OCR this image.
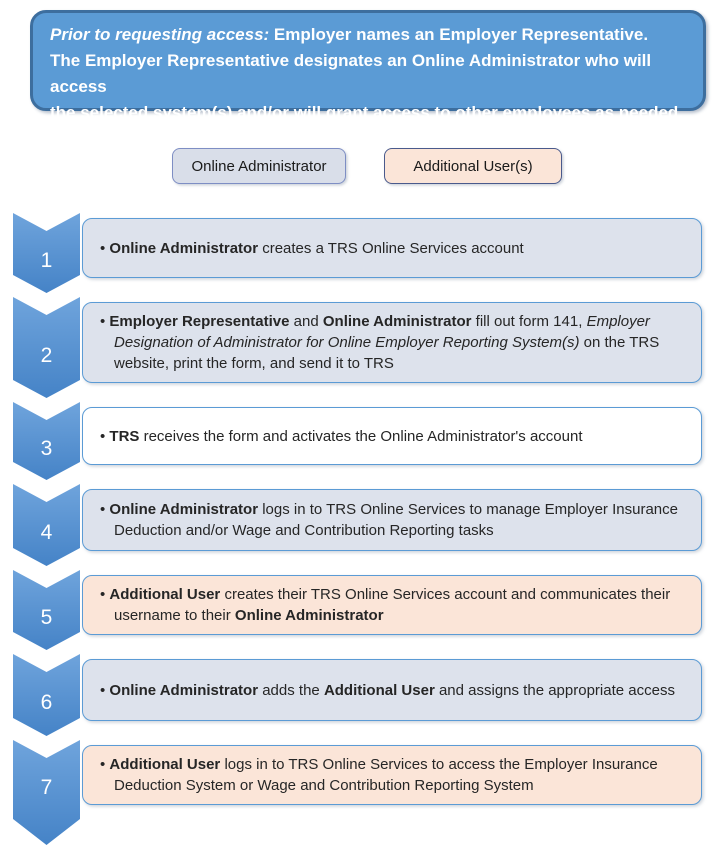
Prior to requesting access: Employer names an Employer Representative.
The Employer Representative designates an Online Administrator who will access
the selected system(s) and/or will grant access to other employees as needed.
Online Administrator	Additional User(s)

• Online Administrator creates a TRS Online Services account

1

• Employer Representative and Online Administrator fill out form 141, Employer Designation of Administrator for Online Employer Reporting System(s) on the TRS website, print the form, and send it to TRS

2

• TRS receives the form and activates the Online Administrator's account

3

• Online Administrator logs in to TRS Online Services to manage Employer Insurance Deduction and/or Wage and Contribution Reporting tasks

4

• Additional User creates their TRS Online Services account and communicates their username to their Online Administrator

5

• Online Administrator adds the Additional User and assigns the appropriate access

6

• Additional User logs in to TRS Online Services to access the Employer Insurance Deduction System or Wage and Contribution Reporting System

7
